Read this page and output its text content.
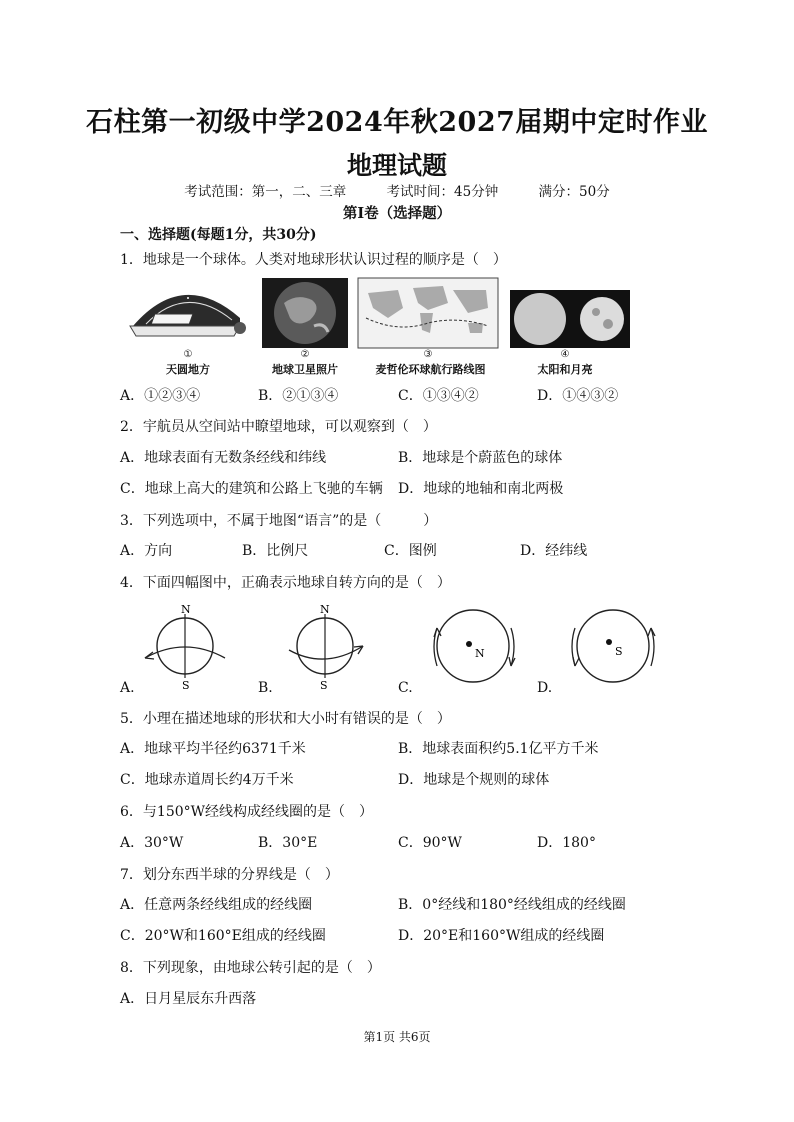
石柱第一初级中学2024年秋2027届期中定时作业
地理试题
考试范围：第一，二、三章	考试时间：45分钟	满分：50分
第Ⅰ卷（选择题）
一、选择题(每题1分，共30分)
1．地球是一个球体。人类对地球形状认识过程的顺序是（　）
①	②	③	④
天圆地方	地球卫星照片	麦哲伦环球航行路线图	太阳和月亮
A．①②③④	B．②①③④	C．①③④②	D．①④③②
2．宇航员从空间站中瞭望地球，可以观察到（　）
A．地球表面有无数条经线和纬线	B．地球是个蔚蓝色的球体
C．地球上高大的建筑和公路上飞驰的车辆 D．地球的地轴和南北两极
3．下列选项中，不属于地图“语言”的是（　　　）
A．方向	B．比例尺	C．图例	D．经纬线
4．下面四幅图中，正确表示地球自转方向的是（　）
N
S
N
S
N	S
A.	B.	C.	D.
5．小理在描述地球的形状和大小时有错误的是（　）
A．地球平均半径约6371千米	B．地球表面积约5.1亿平方千米
C．地球赤道周长约4万千米	D．地球是个规则的球体
6．与150°W经线构成经线圈的是（　）
A．30°W	B．30°E	C．90°W	D．180°
7．划分东西半球的分界线是（　）
A．任意两条经线组成的经线圈	B．0°经线和180°经线组成的经线圈
C．20°W和160°E组成的经线圈	D．20°E和160°W组成的经线圈
8．下列现象，由地球公转引起的是（　）
A．日月星辰东升西落
第1页 共6页
